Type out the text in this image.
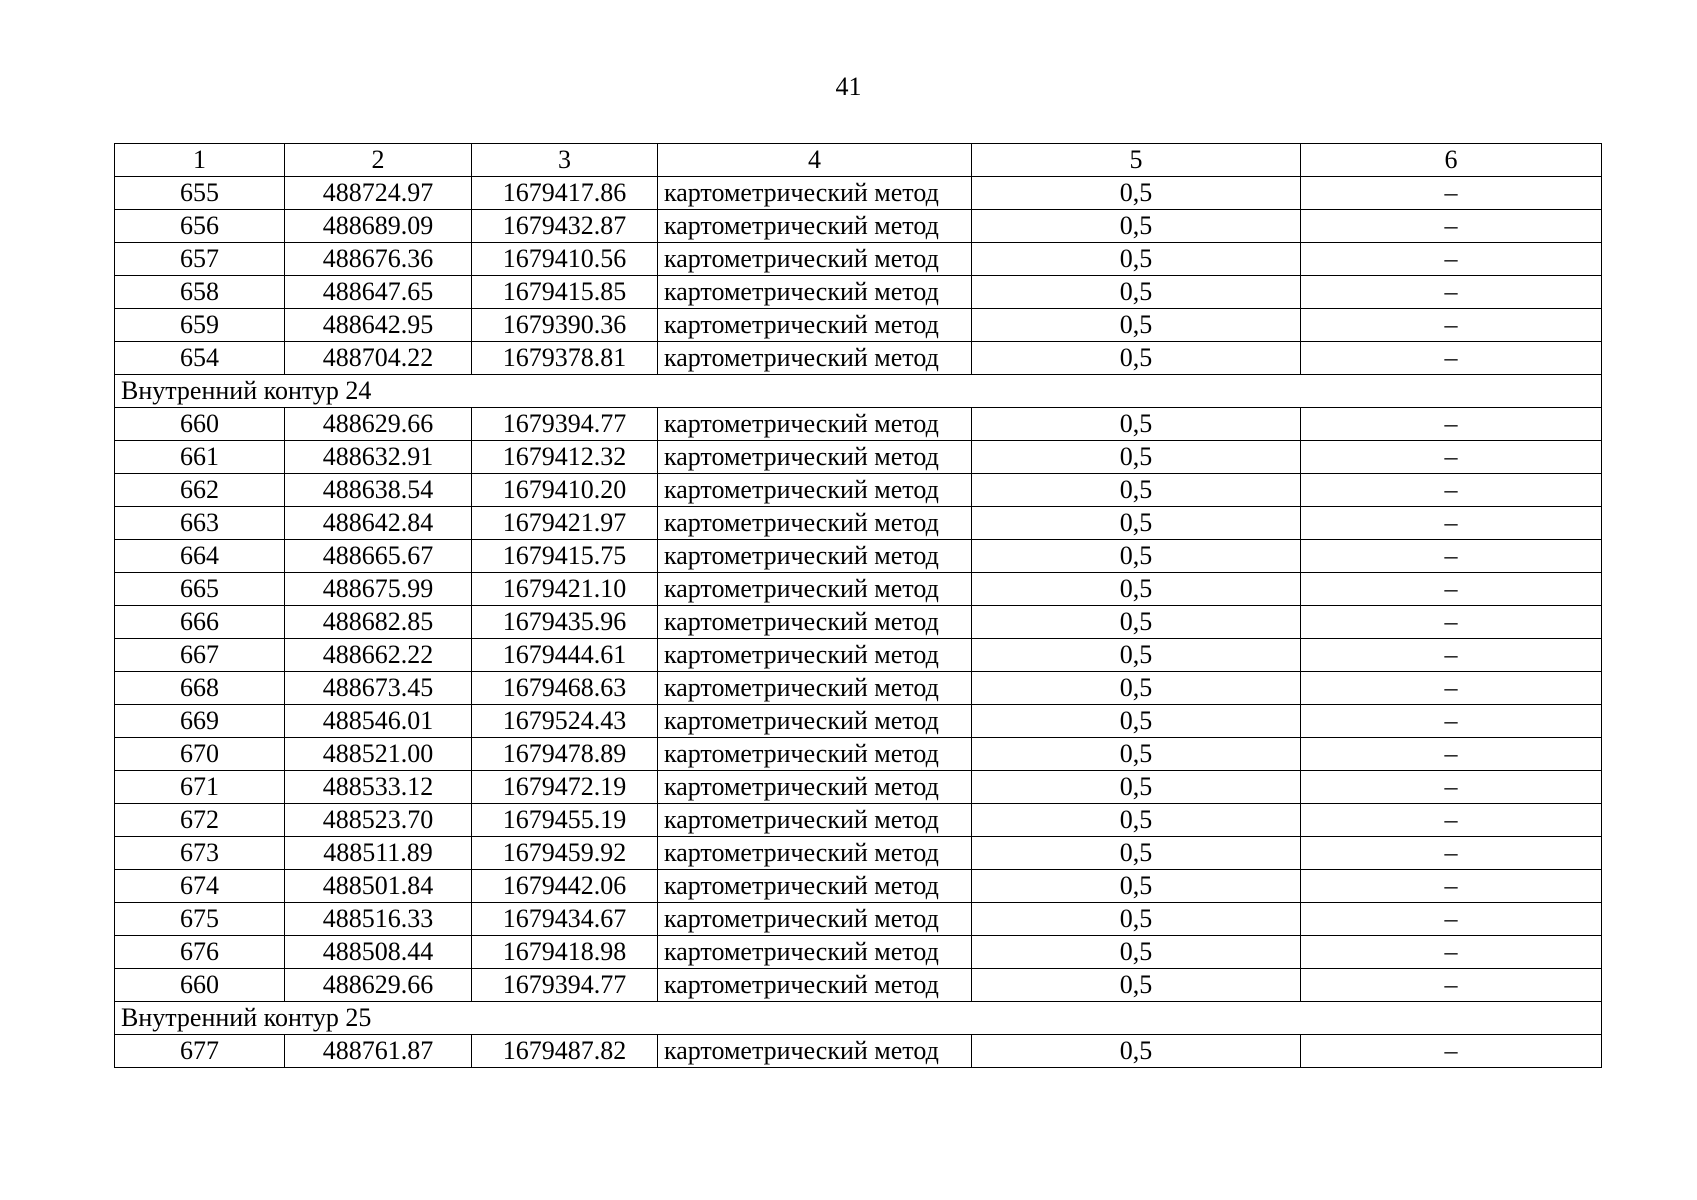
41
1	2	3	4	5	6
655	488724.97	1679417.86	картометрический метод	0,5	–
656	488689.09	1679432.87	картометрический метод	0,5	–
657	488676.36	1679410.56	картометрический метод	0,5	–
658	488647.65	1679415.85	картометрический метод	0,5	–
659	488642.95	1679390.36	картометрический метод	0,5	–
654	488704.22	1679378.81	картометрический метод	0,5	–
Внутренний контур 24					
660	488629.66	1679394.77	картометрический метод	0,5	–
661	488632.91	1679412.32	картометрический метод	0,5	–
662	488638.54	1679410.20	картометрический метод	0,5	–
663	488642.84	1679421.97	картометрический метод	0,5	–
664	488665.67	1679415.75	картометрический метод	0,5	–
665	488675.99	1679421.10	картометрический метод	0,5	–
666	488682.85	1679435.96	картометрический метод	0,5	–
667	488662.22	1679444.61	картометрический метод	0,5	–
668	488673.45	1679468.63	картометрический метод	0,5	–
669	488546.01	1679524.43	картометрический метод	0,5	–
670	488521.00	1679478.89	картометрический метод	0,5	–
671	488533.12	1679472.19	картометрический метод	0,5	–
672	488523.70	1679455.19	картометрический метод	0,5	–
673	488511.89	1679459.92	картометрический метод	0,5	–
674	488501.84	1679442.06	картометрический метод	0,5	–
675	488516.33	1679434.67	картометрический метод	0,5	–
676	488508.44	1679418.98	картометрический метод	0,5	–
660	488629.66	1679394.77	картометрический метод	0,5	–
Внутренний контур 25					
677	488761.87	1679487.82	картометрический метод	0,5	–
